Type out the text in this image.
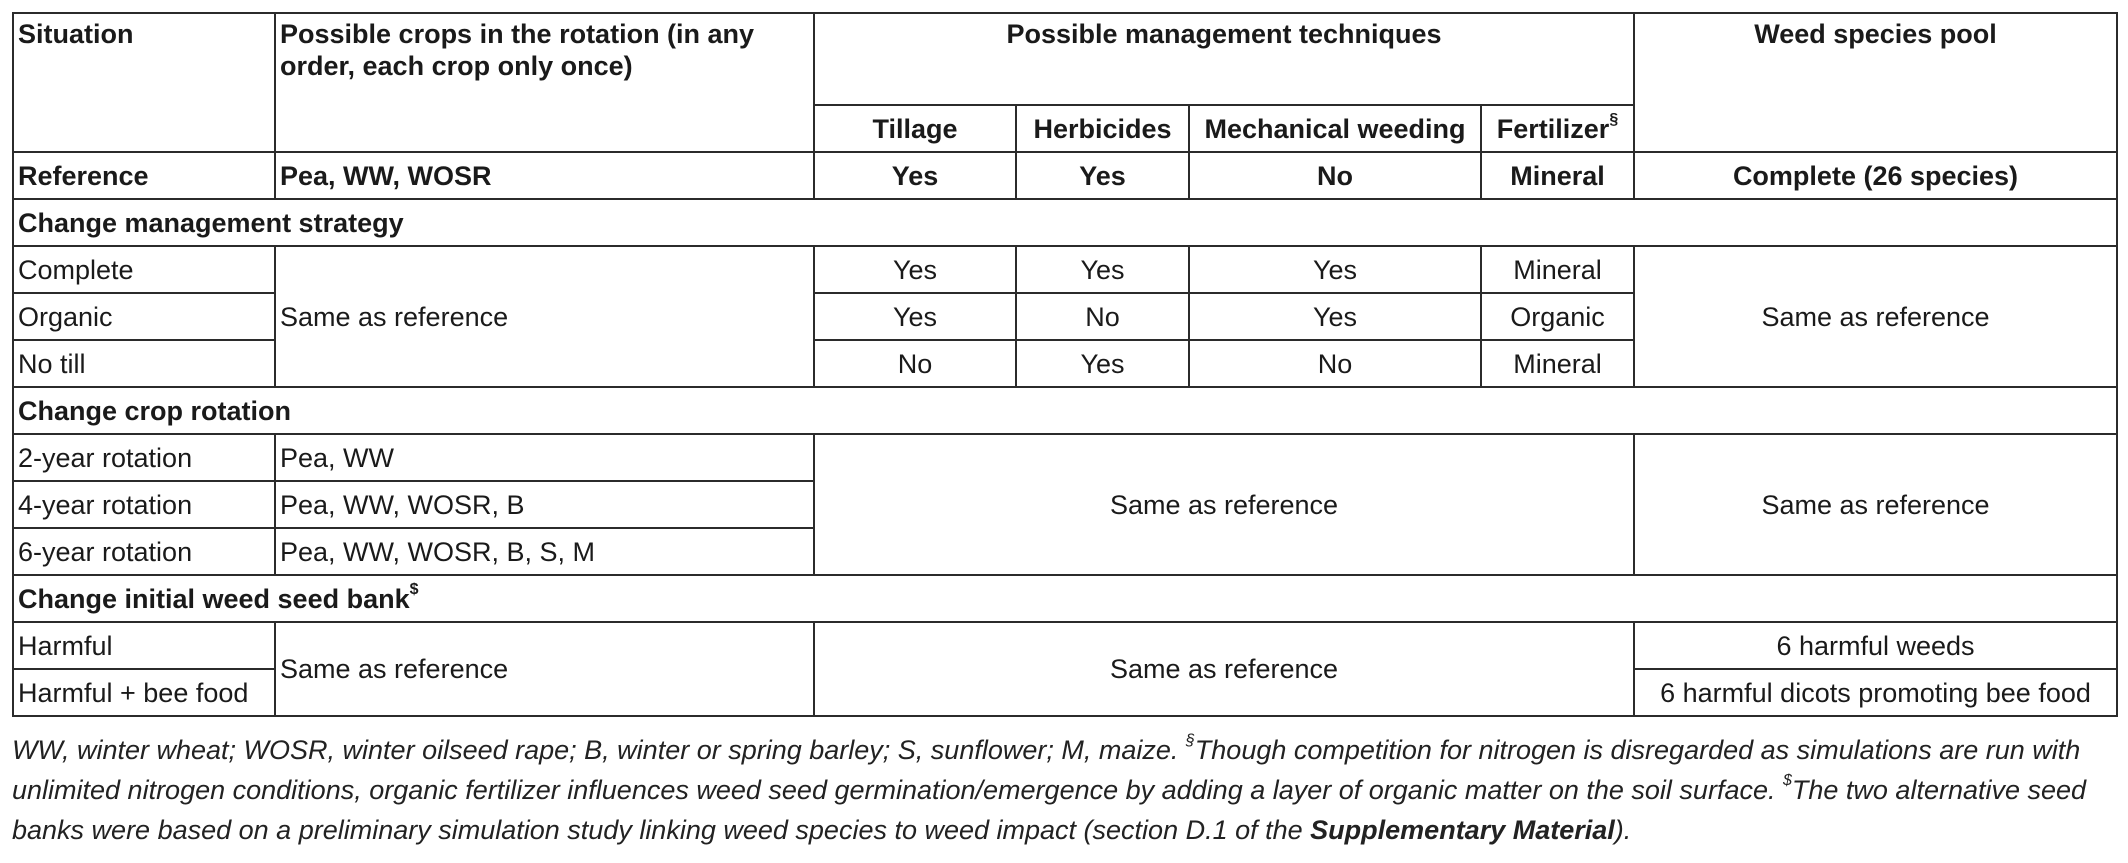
Situation	Possible crops in the rotation (in any order, each crop only once)	Possible management techniques				Weed species pool
		Tillage	Herbicides	Mechanical weeding	Fertilizer§
Reference	Pea, WW, WOSR	Yes	Yes	No	Mineral	Complete (26 species)
Change management strategy						
Complete	Same as reference	Yes	Yes	Yes	Mineral	Same as reference
Organic		Yes	No	Yes	Organic	
No till		No	Yes	No	Mineral	
Change crop rotation						
2-year rotation	Pea, WW	Same as reference				Same as reference
4-year rotation	Pea, WW, WOSR, B					
6-year rotation	Pea, WW, WOSR, B, S, M					
Change initial weed seed bank$
Harmful	Same as reference	Same as reference				6 harmful weeds
Harmful + bee food						6 harmful dicots promoting bee food
WW, winter wheat; WOSR, winter oilseed rape; B, winter or spring barley; S, sunflower; M, maize. §Though competition for nitrogen is disregarded as simulations are run with unlimited nitrogen conditions, organic fertilizer influences weed seed germination/emergence by adding a layer of organic matter on the soil surface. $The two alternative seed banks were based on a preliminary simulation study linking weed species to weed impact (section D.1 of the Supplementary Material).
